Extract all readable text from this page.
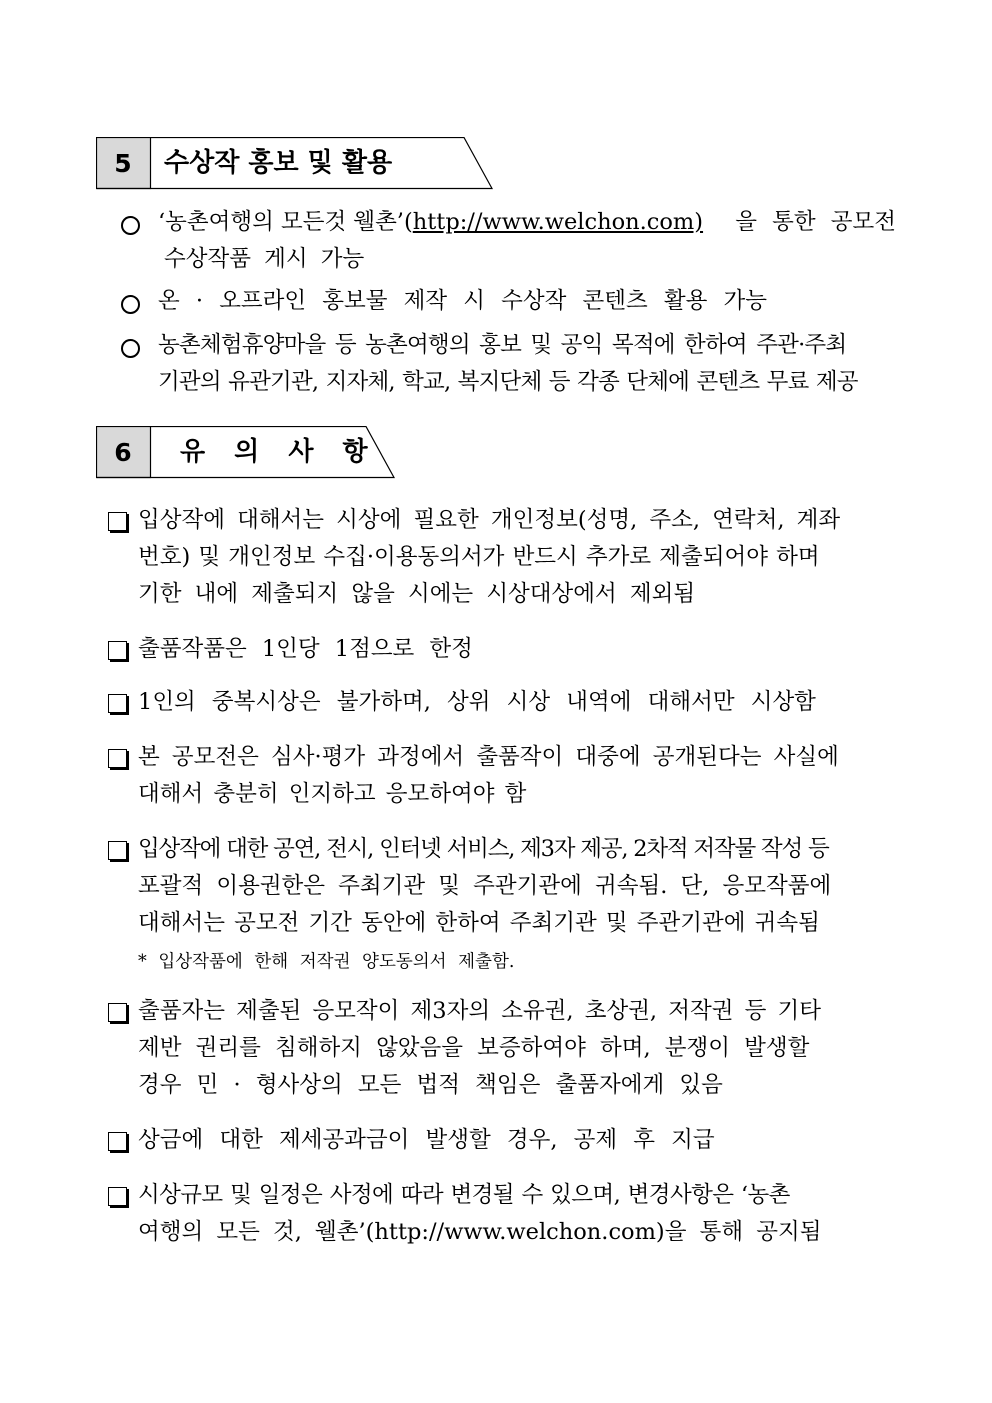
5	수상작 홍보 및 활용
‘농촌여행의 모든것 웰촌’(http://www.welchon.com) 을 통한 공모전
수상작품 게시 가능
온 · 오프라인 홍보물 제작 시 수상작 콘텐츠 활용 가능
농촌체험휴양마을 등 농촌여행의 홍보 및 공익 목적에 한하여 주관·주최
기관의 유관기관, 지자체, 학교, 복지단체 등 각종 단체에 콘텐츠 무료 제공
6	유 의 사 항
입상작에 대해서는 시상에 필요한 개인정보(성명, 주소, 연락처, 계좌
번호) 및 개인정보 수집·이용동의서가 반드시 추가로 제출되어야 하며
기한 내에 제출되지 않을 시에는 시상대상에서 제외됨
출품작품은 1인당 1점으로 한정
1인의 중복시상은 불가하며, 상위 시상 내역에 대해서만 시상함
본 공모전은 심사·평가 과정에서 출품작이 대중에 공개된다는 사실에
대해서 충분히 인지하고 응모하여야 함
입상작에 대한 공연, 전시, 인터넷 서비스, 제3자 제공, 2차적 저작물 작성 등
포괄적 이용권한은 주최기관 및 주관기관에 귀속됨. 단, 응모작품에
대해서는 공모전 기간 동안에 한하여 주최기관 및 주관기관에 귀속됨
* 입상작품에 한해 저작권 양도동의서 제출함.
출품자는 제출된 응모작이 제3자의 소유권, 초상권, 저작권 등 기타
제반 권리를 침해하지 않았음을 보증하여야 하며, 분쟁이 발생할
경우 민 · 형사상의 모든 법적 책임은 출품자에게 있음
상금에 대한 제세공과금이 발생할 경우, 공제 후 지급
시상규모 및 일정은 사정에 따라 변경될 수 있으며, 변경사항은 ‘농촌
여행의 모든 것, 웰촌’(http://www.welchon.com)을 통해 공지됨
